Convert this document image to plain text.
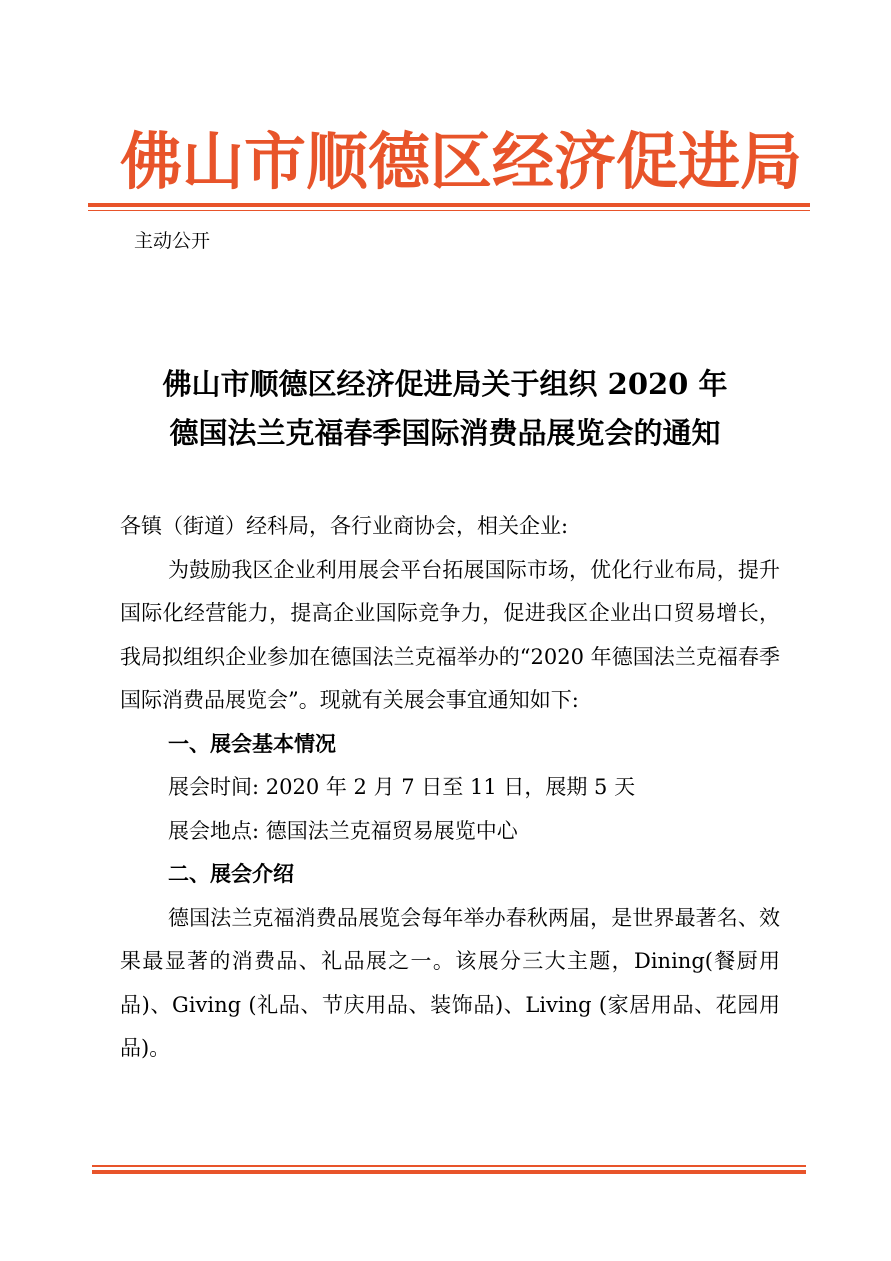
佛山市顺德区经济促进局
主动公开
佛山市顺德区经济促进局关于组织 2020 年
德国法兰克福春季国际消费品展览会的通知

各镇（街道）经科局，各行业商协会，相关企业:

为鼓励我区企业利用展会平台拓展国际市场，优化行业布局，提升国际化经营能力，提高企业国际竞争力，促进我区企业出口贸易增长，我局拟组织企业参加在德国法兰克福举办的“2020 年德国法兰克福春季国际消费品展览会”。现就有关展会事宜通知如下:

一、展会基本情况

展会时间: 2020 年 2 月 7 日至 11 日，展期 5 天

展会地点: 德国法兰克福贸易展览中心

二、展会介绍

德国法兰克福消费品展览会每年举办春秋两届，是世界最著名、效果最显著的消费品、礼品展之一。该展分三大主题，Dining(餐厨用品)、Giving (礼品、节庆用品、装饰品)、Living (家居用品、花园用品)。
